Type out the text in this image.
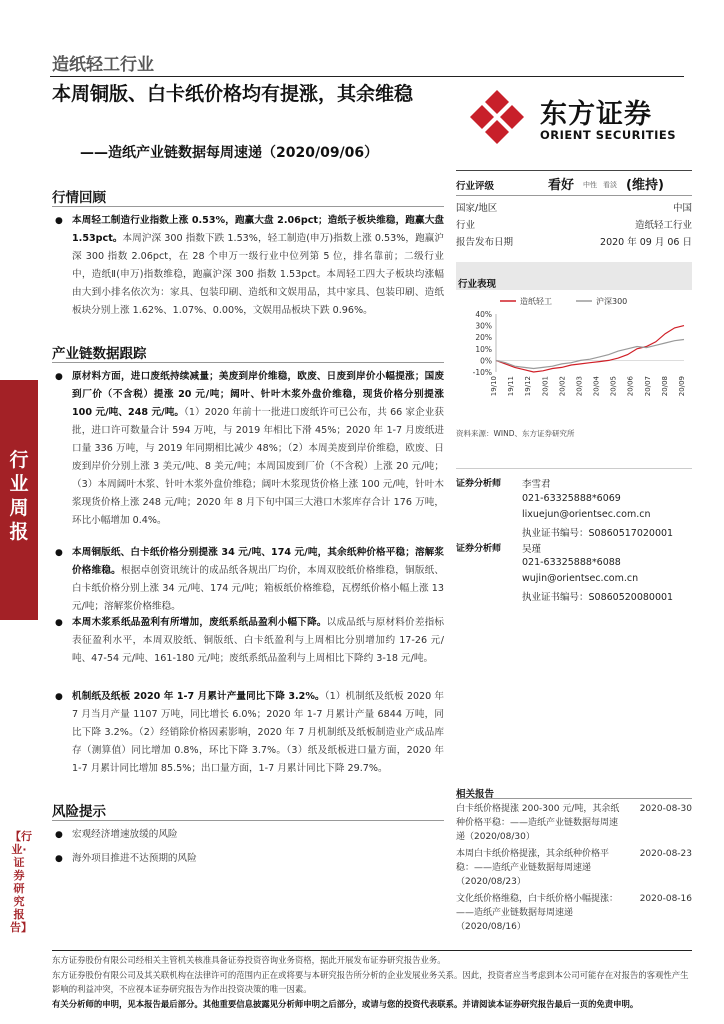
造纸轻工行业
本周铜版、白卡纸价格均有提涨，其余维稳
——造纸产业链数据每周速递（2020/09/06）
东方证券
ORIENT SECURITIES
行业周报
【行业·证券研究报告】
行情回顾
● 本周轻工制造行业指数上涨 0.53%，跑赢大盘 2.06pct；造纸子板块维稳，跑赢大盘 1.53pct。本周沪深 300 指数下跌 1.53%，轻工制造(申万)指数上涨 0.53%，跑赢沪深 300 指数 2.06pct，在 28 个申万一级行业中位列第 5 位，排名靠前；二级行业中，造纸Ⅱ(申万)指数维稳，跑赢沪深 300 指数 1.53pct。本周轻工四大子板块均涨幅由大到小排名依次为：家具、包装印刷、造纸和文娱用品，其中家具、包装印刷、造纸板块分别上涨 1.62%、1.07%、0.00%，文娱用品板块下跌 0.96%。
产业链数据跟踪
● 原材料方面，进口废纸持续减量；美废到岸价维稳，欧废、日废到岸价小幅提涨；国废到厂价（不含税）提涨 20 元/吨；阔叶、针叶木浆外盘价维稳，现货价格分别提涨 100 元/吨、248 元/吨。（1）2020 年前十一批进口废纸许可已公布，共 66 家企业获批，进口许可数量合计 594 万吨，与 2019 年相比下滑 45%；2020 年 1-7 月废纸进口量 336 万吨，与 2019 年同期相比减少 48%；（2）本周美废到岸价维稳，欧废、日废到岸价分别上涨 3 美元/吨、8 美元/吨；本周国废到厂价（不含税）上涨 20 元/吨；（3）本周阔叶木浆、针叶木浆外盘价维稳；阔叶木浆现货价格上涨 100 元/吨，针叶木浆现货价格上涨 248 元/吨；2020 年 8 月下旬中国三大港口木浆库存合计 176 万吨，环比小幅增加 0.4%。
● 本周铜版纸、白卡纸价格分别提涨 34 元/吨、174 元/吨，其余纸种价格平稳；溶解浆价格维稳。根据卓创资讯统计的成品纸各规出厂均价，本周双胶纸价格维稳，铜版纸、白卡纸价格分别上涨 34 元/吨、174 元/吨；箱板纸价格维稳，瓦楞纸价格小幅上涨 13 元/吨；溶解浆价格维稳。
● 本周木浆系纸品盈利有所增加，废纸系纸品盈利小幅下降。以成品纸与原材料价差指标表征盈利水平，本周双胶纸、铜版纸、白卡纸盈利与上周相比分别增加约 17-26 元/吨、47-54 元/吨、161-180 元/吨；废纸系纸品盈利与上周相比下降约 3-18 元/吨。
● 机制纸及纸板 2020 年 1-7 月累计产量同比下降 3.2%。（1）机制纸及纸板 2020 年 7 月当月产量 1107 万吨，同比增长 6.0%；2020 年 1-7 月累计产量 6844 万吨，同比下降 3.2%。（2）经销除价格因素影响，2020 年 7 月机制纸及纸板制造业产成品库存（测算值）同比增加 0.8%，环比下降 3.7%。（3）纸及纸板进口量方面，2020 年 1-7 月累计同比增加 85.5%；出口量方面，1-7 月累计同比下降 29.7%。
风险提示
● 宏观经济增速放缓的风险
● 海外项目推进不达预期的风险
行业评级	看好 中性 看淡 (维持)
国家/地区	中国
行业	造纸轻工行业
报告发布日期	2020 年 09 月 06 日
行业表现
造纸轻工	沪深300
40%
30%
20%
10%
0%
-10%
19/10 19/11 19/12 20/01 20/02 20/03 20/04 20/05 20/06 20/07 20/08 20/09
资料来源：WIND、东方证券研究所
证券分析师 李雪君
021-63325888*6069
lixuejun@orientsec.com.cn
执业证书编号：S0860517020001
证券分析师 吴瑾
021-63325888*6088
wujin@orientsec.com.cn
执业证书编号：S0860520080001
相关报告
白卡纸价格提涨 200-300 元/吨，其余纸种价格平稳：——造纸产业链数据每周速递（2020/08/30）
2020-08-30
本周白卡纸价格提涨，其余纸种价格平稳：——造纸产业链数据每周速递（2020/08/23）
2020-08-23
文化纸价格维稳，白卡纸价格小幅提涨：——造纸产业链数据每周速递（2020/08/16）
2020-08-16
东方证券股份有限公司经相关主管机关核准具备证券投资咨询业务资格，据此开展发布证券研究报告业务。
东方证券股份有限公司及其关联机构在法律许可的范围内正在或将要与本研究报告所分析的企业发展业务关系。因此，投资者应当考虑到本公司可能存在对报告的客观性产生影响的利益冲突，不应视本证券研究报告为作出投资决策的唯一因素。
有关分析师的申明，见本报告最后部分。其他重要信息披露见分析师申明之后部分，或请与您的投资代表联系。并请阅读本证券研究报告最后一页的免责申明。
